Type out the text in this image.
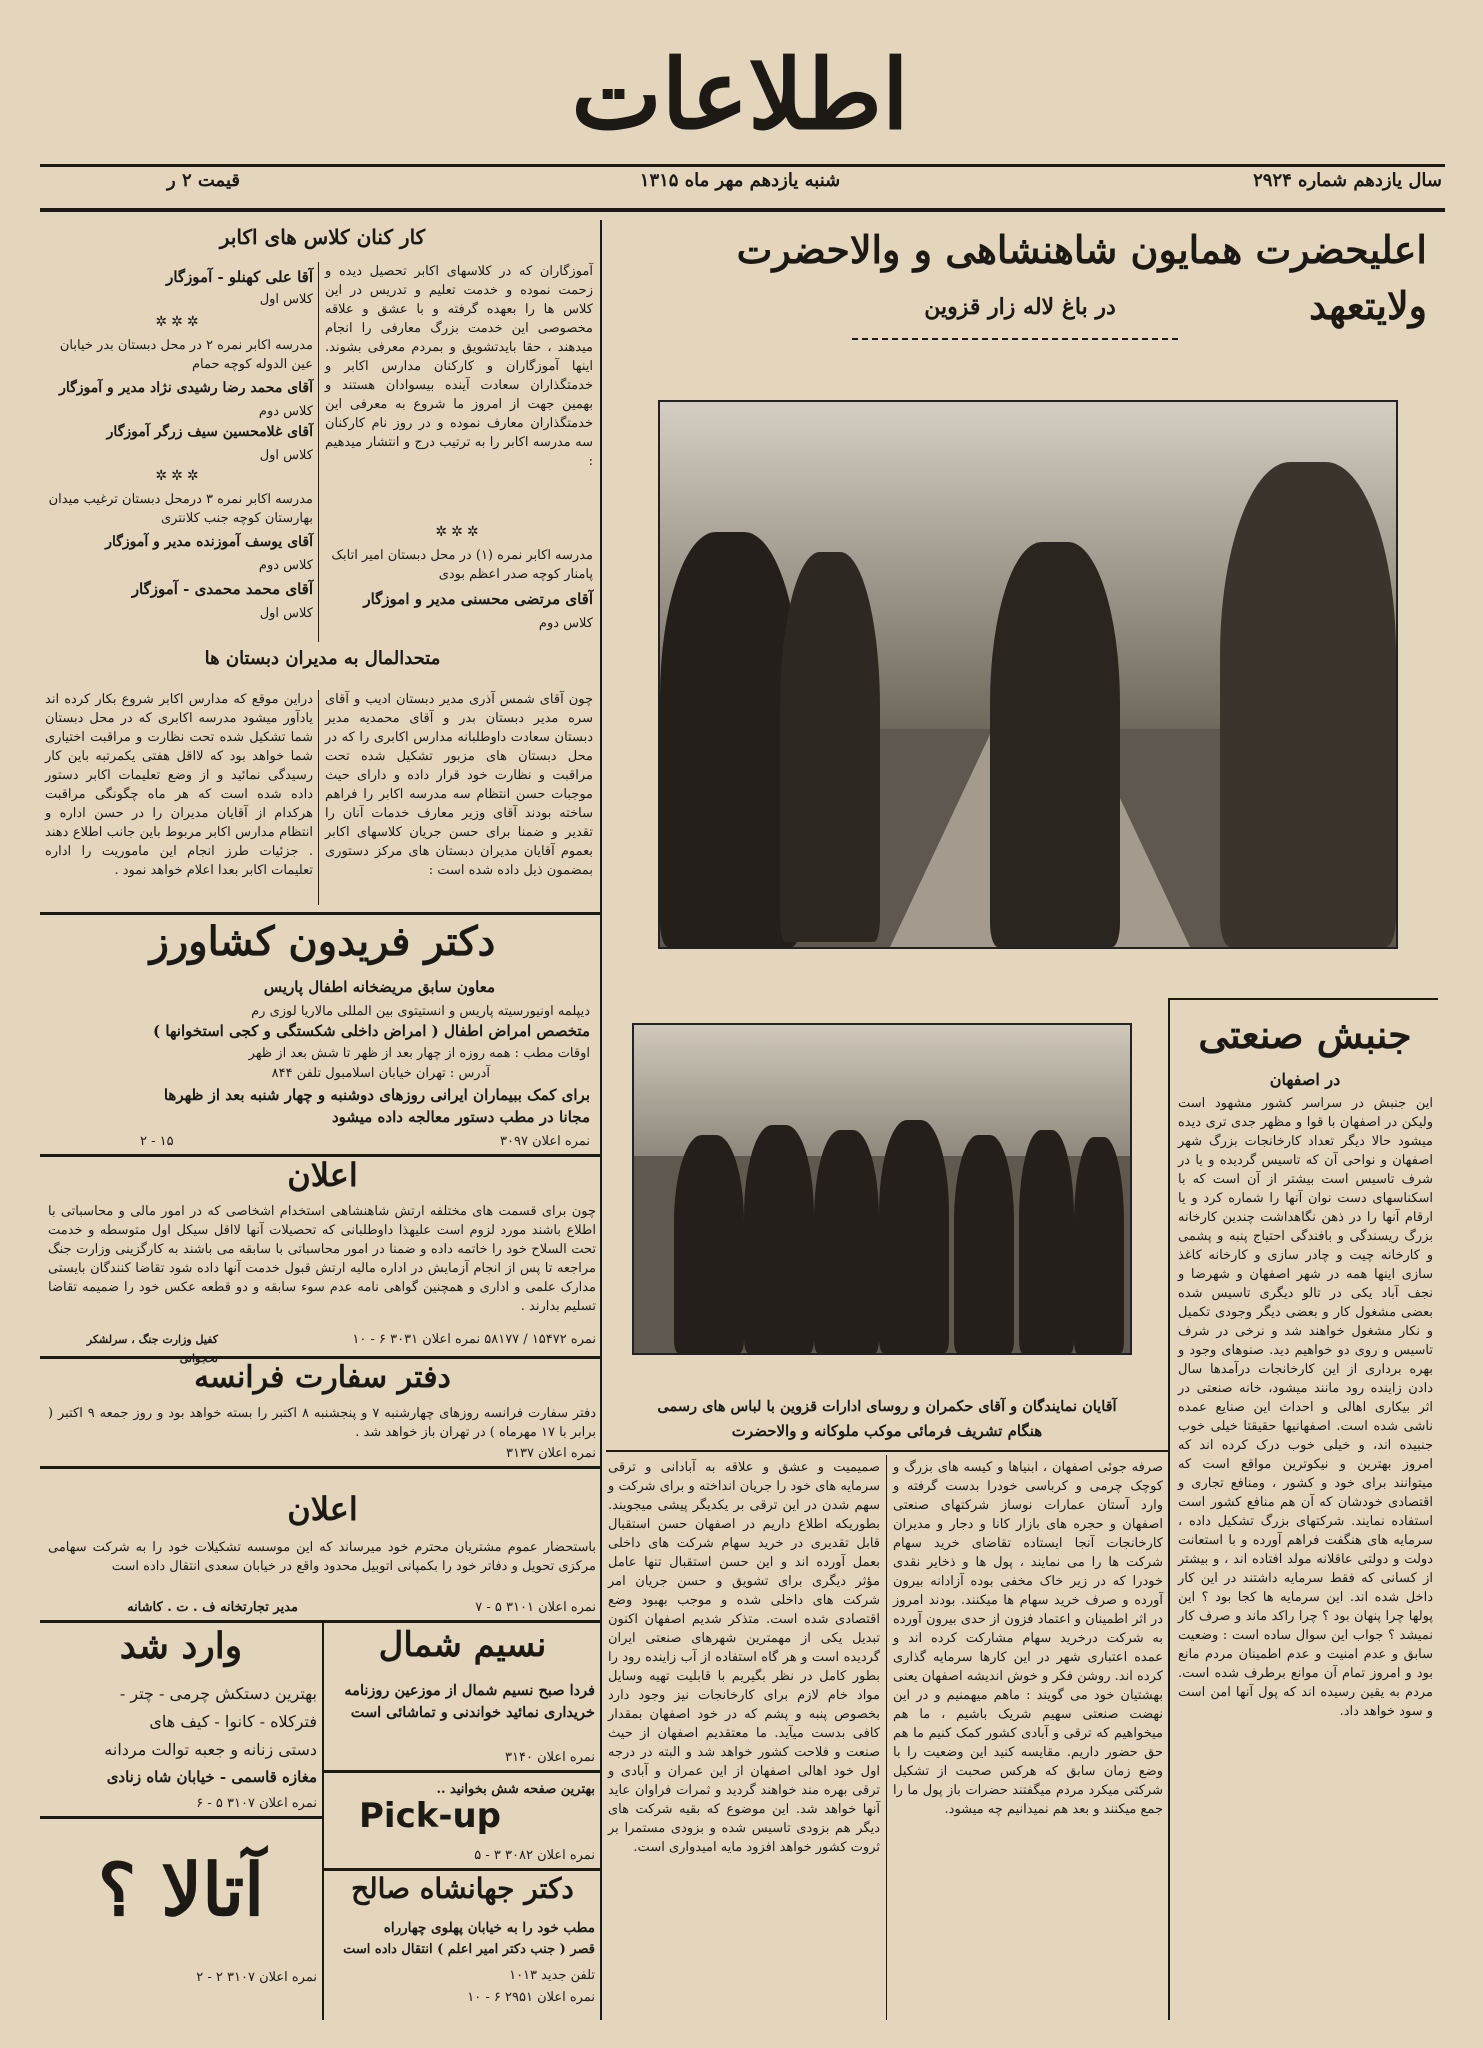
اطلاعات
سال یازدهم شماره ۲۹۲۴
شنبه یازدهم مهر ماه ۱۳۱۵
قیمت ۲ ر
اعلیحضرت همایون شاهنشاهی و والاحضرت ولایتعهد
در باغ لاله زار قزوین
آقایان نمایندگان و آقای حکمران و روسای ادارات قزوین با لباس های رسمی
هنگام تشریف فرمائی موکب ملوکانه و والاحضرت
جنبش صنعتی
در اصفهان
این جنبش در سراسر کشور مشهود است ولیکن در اصفهان با قوا و مظهر جدی تری دیده میشود حالا دیگر تعداد کارخانجات بزرگ شهر اصفهان و نواحی آن که تاسیس گردیده و یا در شرف تاسیس است بیشتر از آن است که با اسکناسهای دست نوان آنها را شماره کرد و یا ارقام آنها را در ذهن نگاهداشت چندین کارخانه بزرگ ریسندگی و بافندگی احتیاج پنبه و پشمی و کارخانه چیت و چادر سازی و کارخانه کاغذ سازی اینها همه در شهر اصفهان و شهرضا و نجف آباد یکی در تالو دیگری تاسیس شده بعضی مشغول کار و بعضی دیگر وجودی تکمیل و نکار مشغول خواهند شد و نرخی در شرف تاسیس و روی دو خواهیم دید. صنوهای وجود و بهره برداری از این کارخانجات درآمدها سال دادن زاینده رود مانند میشود، خانه صنعتی در اثر بیکاری اهالی و احداث این صنایع عمده ناشی شده است. اصفهانیها حقیقتا خیلی خوب جنبیده اند، و خیلی خوب درک کرده اند که امروز بهترین و نیکوترین مواقع است که میتوانند برای خود و کشور ، ومنافع تجاری و اقتصادی خودشان که آن هم منافع کشور است استفاده نمایند. شرکتهای بزرگ تشکیل داده ، سرمایه های هنگفت فراهم آورده و با استعانت دولت و دولتی عاقلانه مولد افتاده اند ، و بیشتر از کسانی که فقط سرمایه داشتند در این کار داخل شده اند. این سرمایه ها کجا بود ؟ این پولها چرا پنهان بود ؟ چرا راکد ماند و صرف کار نمیشد ؟ جواب این سوال ساده است : وضعیت سابق و عدم امنیت و عدم اطمینان مردم مانع بود و امروز تمام آن موانع برطرف شده است. مردم به یقین رسیده اند که پول آنها امن است و سود خواهد داد.
صرفه جوئی اصفهان ، ابنیاها و کیسه های بزرگ و کوچک چرمی و کرباسی خودرا بدست گرفته و وارد آستان عمارات نوساز شرکتهای صنعتی اصفهان و حجره های بازار کانا و دجار و مدیران کارخانجات آنجا ایستاده تقاضای خرید سهام شرکت ها را می نمایند ، پول ها و ذخایر نقدی خودرا که در زیر خاک مخفی بوده آزادانه بیرون آورده و صرف خرید سهام ها میکنند. بودند امروز در اثر اطمینان و اعتماد فزون از حدی بیرون آورده به شرکت درخرید سهام مشارکت کرده اند و عمده اعتباری شهر در این کارها سرمایه گذاری کرده اند. روشن فکر و خوش اندیشه اصفهان یعنی بهشتیان خود می گویند : ماهم میهمنیم و در این نهضت صنعتی سهیم شریک باشیم ، ما هم میخواهیم که ترقی و آبادی کشور کمک کنیم ما هم حق حضور داریم. مقایسه کنید این وضعیت را با وضع زمان سابق که هرکس صحبت از تشکیل شرکتی میکرد مردم میگفتند حضرات باز پول ما را جمع میکنند و بعد هم نمیدانیم چه میشود.
صمیمیت و عشق و علاقه به آبادانی و ترقی سرمایه های خود را جریان انداخته و برای شرکت و سهم شدن در این ترقی بر یکدیگر پیشی میجویند. بطوریکه اطلاع داریم در اصفهان حسن استقبال قابل تقدیری در خرید سهام شرکت های داخلی بعمل آورده اند و این حسن استقبال تنها عامل مؤثر دیگری برای تشویق و حسن جریان امر شرکت های داخلی شده و موجب بهبود وضع اقتصادی شده است. متذکر شدیم اصفهان اکنون تبدیل یکی از مهمترین شهرهای صنعتی ایران گردیده است و هر گاه استفاده از آب زاینده رود را بطور کامل در نظر بگیریم با قابلیت تهیه وسایل مواد خام لازم برای کارخانجات نیز وجود دارد بخصوص پنبه و پشم که در خود اصفهان بمقدار کافی بدست میآید. ما معتقدیم اصفهان از حیث صنعت و فلاحت کشور خواهد شد و البته در درجه اول خود اهالی اصفهان از این عمران و آبادی و ترقی بهره مند خواهند گردید و ثمرات فراوان عاید آنها خواهد شد. این موضوع که بقیه شرکت های دیگر هم بزودی تاسیس شده و بزودی مستمرا بر ثروت کشور خواهد افزود مایه امیدواری است.
کار کنان کلاس های اکابر
آموزگاران که در کلاسهای اکابر تحصیل دیده و زحمت نموده و خدمت تعلیم و تدریس در این کلاس ها را بعهده گرفته و با عشق و علاقه مخصوصی این خدمت بزرگ معارفی را انجام میدهند ، حقا بایدتشویق و بمردم معرفی بشوند. اینها آموزگاران و کارکنان مدارس اکابر و خدمتگذاران سعادت آینده بیسوادان هستند و بهمین جهت از امروز ما شروع به معرفی این خدمتگذاران معارف نموده و در روز نام کارکنان سه مدرسه اکابر را به ترتیب درج و انتشار میدهیم :
✲✲✲
مدرسه اکابر نمره (۱) در محل دبستان امیر اتابک پامنار کوچه صدر اعظم بودی
آقای مرتضی محسنی مدیر و اموزگار
کلاس دوم
آقا علی کهنلو - آموزگار
کلاس اول
✲✲✲
مدرسه اکابر نمره ۲ در محل دبستان بدر خیابان عین الدوله کوچه حمام
آقای محمد رضا رشیدی نژاد مدیر و آموزگار
کلاس دوم
آقای غلامحسین سیف زرگر آموزگار
کلاس اول
✲✲✲
مدرسه اکابر نمره ۳ درمحل دبستان ترغیب میدان بهارستان کوچه جنب کلانتری
آقای یوسف آموزنده مدیر و آموزگار
کلاس دوم
آقای محمد محمدی - آموزگار
کلاس اول
متحدالمال به مدیران دبستان ها
چون آقای شمس آذری مدیر دبستان ادیب و آقای سره مدیر دبستان بدر و آقای محمدیه مدیر دبستان سعادت داوطلبانه مدارس اکابری را که در محل دبستان های مزبور تشکیل شده تحت مراقبت و نظارت خود قرار داده و دارای حیث موجبات حسن انتظام سه مدرسه اکابر را فراهم ساخته بودند آقای وزیر معارف خدمات آنان را تقدیر و ضمنا برای حسن جریان کلاسهای اکابر بعموم آقایان مدیران دبستان های مرکز دستوری بمضمون ذیل داده شده است :
دراین موقع که مدارس اکابر شروع بکار کرده اند یادآور میشود مدرسه اکابری که در محل دبستان شما تشکیل شده تحت نظارت و مراقبت اختیاری شما خواهد بود که لااقل هفتی یکمرتبه باین کار رسیدگی نمائید و از وضع تعلیمات اکابر دستور داده شده است که هر ماه چگونگی مراقبت هرکدام از آقایان مدیران را در حسن اداره و انتظام مدارس اکابر مربوط باین جانب اطلاع دهند . جزئیات طرز انجام این ماموریت را اداره تعلیمات اکابر بعدا اعلام خواهد نمود .
دکتر فریدون کشاورز
معاون سابق مریضخانه اطفال پاریس
دیپلمه اونیورسیته پاریس و انستیتوی بین المللی مالاریا لوزی رم
متخصص امراض اطفال ( امراض داخلی شکستگی و کجی استخوانها )
اوقات مطب : همه روزه از چهار بعد از ظهر تا شش بعد از ظهر
آدرس : تهران خیابان اسلامبول تلفن ۸۴۴
برای کمک ببیماران ایرانی روزهای دوشنبه و چهار شنبه بعد از ظهرها
مجانا در مطب دستور معالجه داده میشود
نمره اعلان ۳۰۹۷
۲ - ۱۵
اعلان
چون برای قسمت های مختلفه ارتش شاهنشاهی استخدام اشخاصی که در امور مالی و محاسباتی با اطلاع باشند مورد لزوم است علیهذا داوطلبانی که تحصیلات آنها لااقل سیکل اول متوسطه و خدمت تحت السلاح خود را خاتمه داده و ضمنا در امور محاسباتی با سابقه می باشند به کارگزینی وزارت جنگ مراجعه تا پس از انجام آزمایش در اداره مالیه ارتش قبول خدمت آنها داده شود تقاضا کنندگان بایستی مدارک علمی و اداری و همچنین گواهی نامه عدم سوء سابقه و دو قطعه عکس خود را ضمیمه تقاضا تسلیم بدارند .
نمره ۱۵۴۷۲ / ۵۸۱۷۷ نمره اعلان ۳۰۳۱ ۶ - ۱۰
کفیل وزارت جنگ ، سرلشکر
دفتر سفارت فرانسه
دفتر سفارت فرانسه روزهای چهارشنبه ۷ و پنجشنبه ۸ اکتبر را بسته خواهد بود و روز جمعه ۹ اکتبر ( برابر با ۱۷ مهرماه ) در تهران باز خواهد شد .
نمره اعلان ۳۱۳۷
اعلان
باستحضار عموم مشتریان محترم خود میرساند که این موسسه تشکیلات خود را به شرکت سهامی مرکزی تحویل و دفاتر خود را بکمپانی اتوبیل محدود واقع در خیابان سعدی انتقال داده است
نمره اعلان ۳۱۰۱ ۵ - ۷
مدیر تجارتخانه ف . ت . کاشانه
وارد شد
بهترین دستکش چرمی - چتر -
فترکلاه - کانوا - کیف های
دستی زنانه و جعبه توالت مردانه
مغازه قاسمی - خیابان شاه زنادی
نمره اعلان ۳۱۰۷ ۵ - ۶
آتالا ؟
نمره اعلان ۳۱۰۷ ۲ - ۲
نسیم شمال
فردا صبح نسیم شمال از موزعین روزنامه خریداری نمائید خواندنی و تماشائی است
نمره اعلان ۳۱۴۰
بهترین صفحه شش بخوانید ..
Pick-up
نمره اعلان ۳۰۸۲ ۳ - ۵
دکتر جهانشاه صالح
مطب خود را به خیابان پهلوی چهارراه
قصر ( جنب دکتر امیر اعلم ) انتقال داده است
تلفن جدید ۱۰۱۳
نمره اعلان ۲۹۵۱ ۶ - ۱۰
